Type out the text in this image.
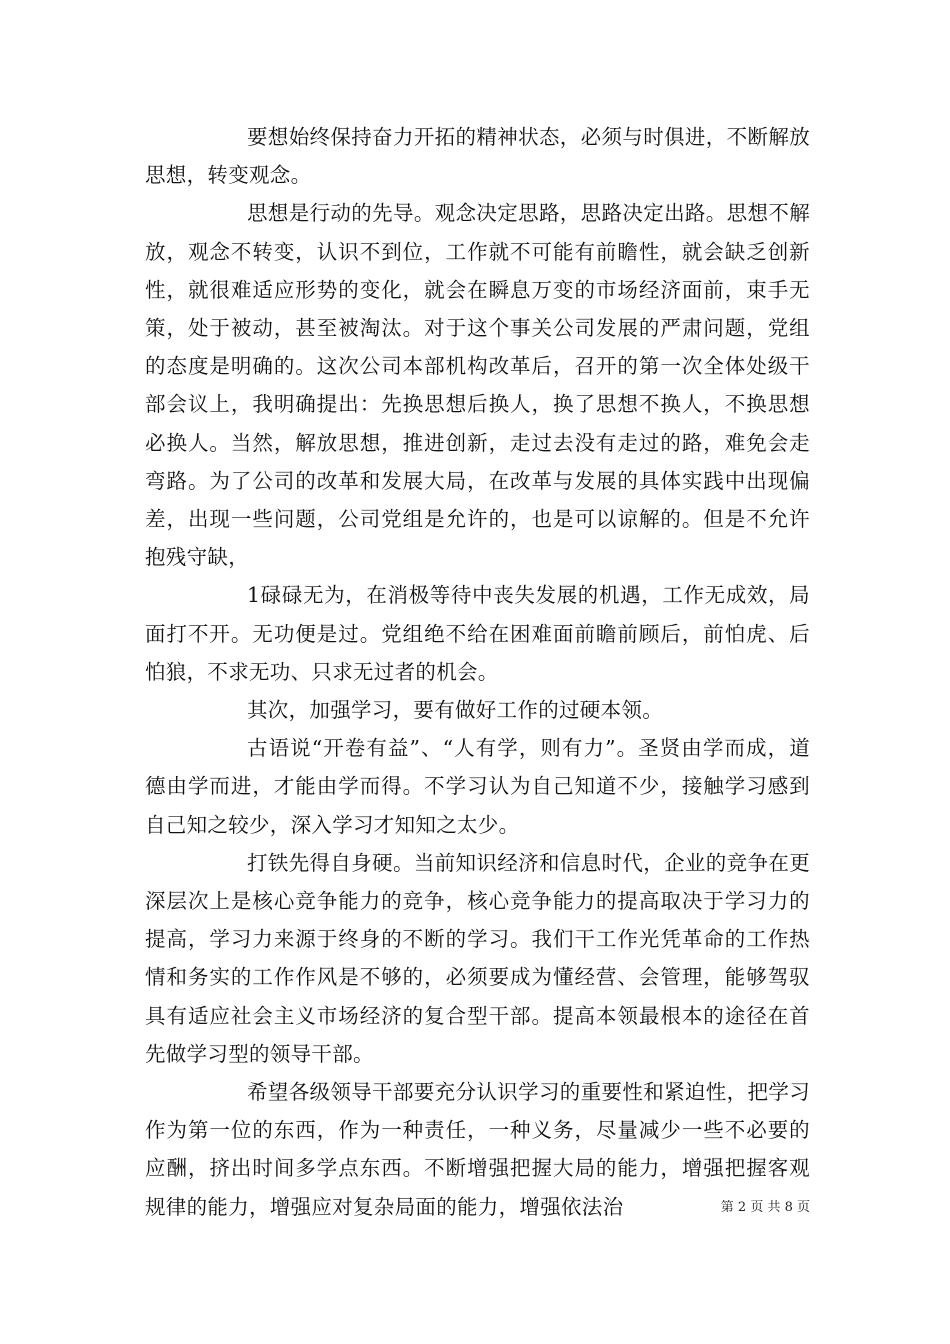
要想始终保持奋力开拓的精神状态，必须与时俱进，不断解放思想，转变观念。

思想是行动的先导。观念决定思路，思路决定出路。思想不解放，观念不转变，认识不到位，工作就不可能有前瞻性，就会缺乏创新性，就很难适应形势的变化，就会在瞬息万变的市场经济面前，束手无策，处于被动，甚至被淘汰。对于这个事关公司发展的严肃问题，党组的态度是明确的。这次公司本部机构改革后，召开的第一次全体处级干部会议上，我明确提出：先换思想后换人，换了思想不换人，不换思想必换人。当然，解放思想，推进创新，走过去没有走过的路，难免会走弯路。为了公司的改革和发展大局，在改革与发展的具体实践中出现偏差，出现一些问题，公司党组是允许的，也是可以谅解的。但是不允许抱残守缺，

1碌碌无为，在消极等待中丧失发展的机遇，工作无成效，局面打不开。无功便是过。党组绝不给在困难面前瞻前顾后，前怕虎、后怕狼，不求无功、只求无过者的机会。

其次，加强学习，要有做好工作的过硬本领。

古语说“开卷有益”、“人有学，则有力”。圣贤由学而成，道德由学而进，才能由学而得。不学习认为自己知道不少，接触学习感到自己知之较少，深入学习才知知之太少。

打铁先得自身硬。当前知识经济和信息时代，企业的竞争在更深层次上是核心竞争能力的竞争，核心竞争能力的提高取决于学习力的提高，学习力来源于终身的不断的学习。我们干工作光凭革命的工作热情和务实的工作作风是不够的，必须要成为懂经营、会管理，能够驾驭具有适应社会主义市场经济的复合型干部。提高本领最根本的途径在首先做学习型的领导干部。

希望各级领导干部要充分认识学习的重要性和紧迫性，把学习作为第一位的东西，作为一种责任，一种义务，尽量减少一些不必要的应酬，挤出时间多学点东西。不断增强把握大局的能力，增强把握客观规律的能力，增强应对复杂局面的能力，增强依法治	第 2 页 共 8 页
